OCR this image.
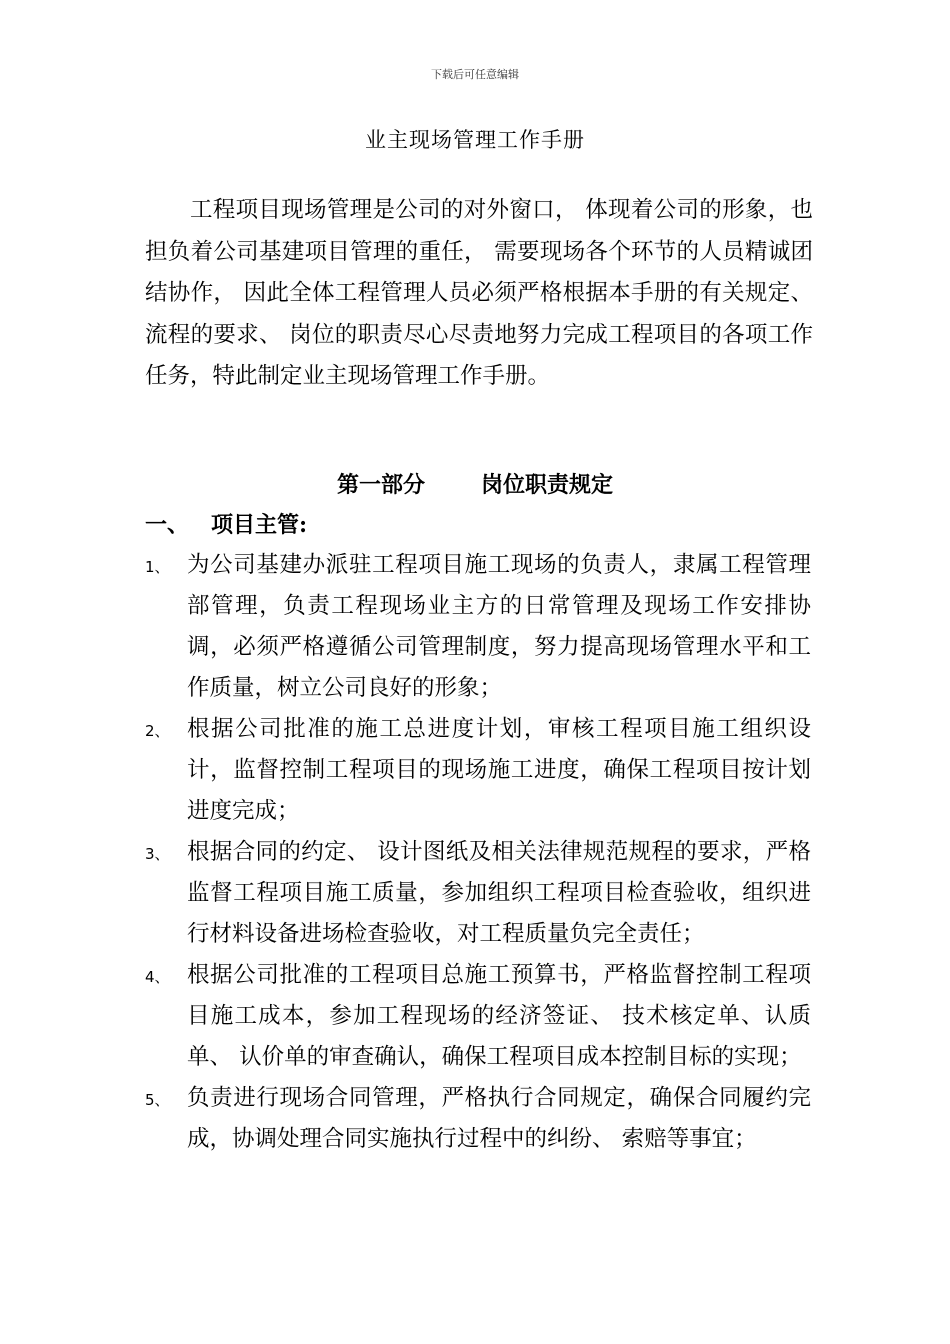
下载后可任意编辑
业主现场管理工作手册

工程项目现场管理是公司的对外窗口， 体现着公司的形象，也担负着公司基建项目管理的重任， 需要现场各个环节的人员精诚团结协作， 因此全体工程管理人员必须严格根据本手册的有关规定、 流程的要求、 岗位的职责尽心尽责地努力完成工程项目的各项工作任务，特此制定业主现场管理工作手册。

第一部分	岗位职责规定
一、 项目主管:
1、 为公司基建办派驻工程项目施工现场的负责人，隶属工程管理部管理，负责工程现场业主方的日常管理及现场工作安排协调，必须严格遵循公司管理制度，努力提高现场管理水平和工作质量，树立公司良好的形象；
2、 根据公司批准的施工总进度计划，审核工程项目施工组织设计，监督控制工程项目的现场施工进度，确保工程项目按计划进度完成；
3、 根据合同的约定、 设计图纸及相关法律规范规程的要求，严格监督工程项目施工质量，参加组织工程项目检查验收，组织进行材料设备进场检查验收，对工程质量负完全责任；
4、 根据公司批准的工程项目总施工预算书，严格监督控制工程项目施工成本，参加工程现场的经济签证、 技术核定单、认质单、 认价单的审查确认，确保工程项目成本控制目标的实现；
5、 负责进行现场合同管理，严格执行合同规定，确保合同履约完成，协调处理合同实施执行过程中的纠纷、 索赔等事宜；
